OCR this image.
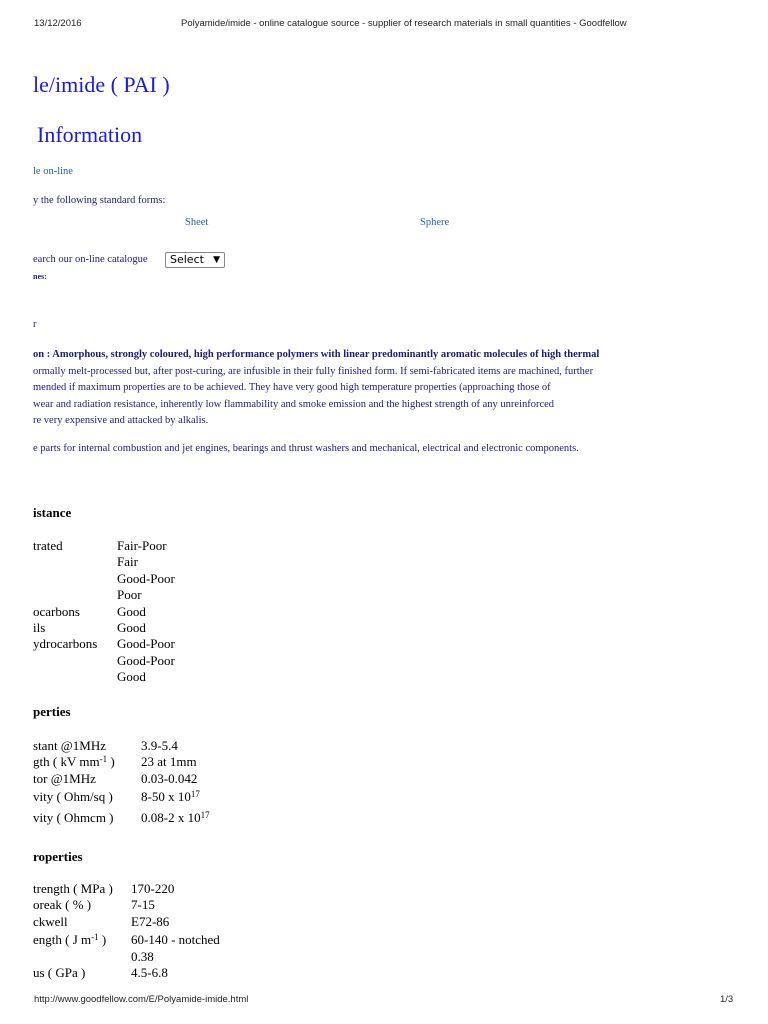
13/12/2016	Polyamide/imide - online catalogue source - supplier of research materials in small quantities - Goodfellow
le/imide ( PAI )
Information
le on-line
y the following standard forms:
Sheet	Sphere
earch our on-line catalogue	Select ▼
nes:
r
on : Amorphous, strongly coloured, high performance polymers with linear predominantly aromatic molecules of high thermal
ormally melt-processed but, after post-curing, are infusible in their fully finished form. If semi-fabricated items are machined, further
mended if maximum properties are to be achieved. They have very good high temperature properties (approaching those of
wear and radiation resistance, inherently low flammability and smoke emission and the highest strength of any unreinforced
re very expensive and attacked by alkalis.
e parts for internal combustion and jet engines, bearings and thrust washers and mechanical, electrical and electronic components.
istance
trated	Fair-Poor
Fair
Good-Poor
Poor
ocarbons	Good
ils	Good
ydrocarbons Good-Poor
Good-Poor
Good
perties
stant @1MHz	3.9-5.4
gth ( kV $mm^{-1}$ ) 23 at 1mm
tor @1MHz	0.03-0.042
vity ( Ohm/sq ) 8-50 x $10^{17}$
vity ( Ohmcm ) 0.08-2 x $10^{17}$
roperties
trength ( MPa ) 170-220
oreak ( % )	7-15
ckwell	E72-86
ength ( J $m^{-1}$ ) 60-140 - notched
0.38
us ( GPa )	4.5-6.8
http://www.goodfellow.com/E/Polyamide-imide.html	1/3
